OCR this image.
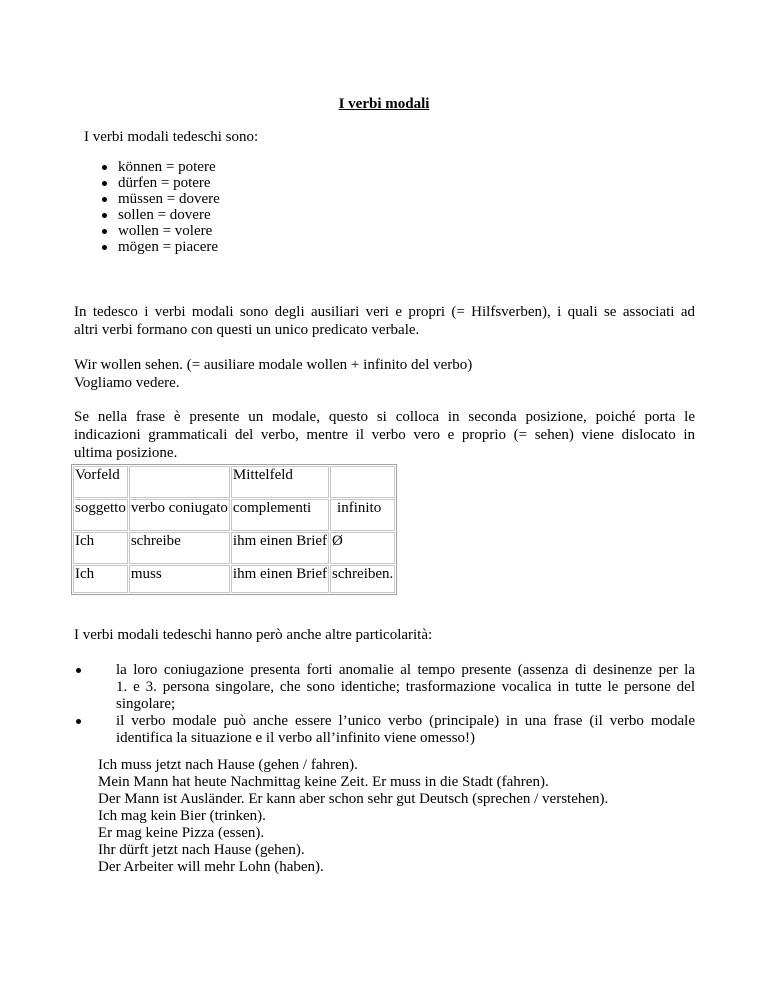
I verbi modali
I verbi modali tedeschi sono:
können = potere
dürfen = potere
müssen = dovere
sollen = dovere
wollen = volere
mögen = piacere
In tedesco i verbi modali sono degli ausiliari veri e propri (= Hilfsverben), i quali se associati ad
altri verbi formano con questi un unico predicato verbale.
Wir wollen sehen. (= ausiliare modale wollen + infinito del verbo)
Vogliamo vedere.
Se nella frase è presente un modale, questo si colloca in seconda posizione, poiché porta le
indicazioni grammaticali del verbo, mentre il verbo vero e proprio (= sehen) viene dislocato in
ultima posizione.
Vorfeld		Mittelfeld	
soggetto	verbo coniugato	complementi	infinito
Ich	schreibe	ihm einen Brief	Ø
Ich	muss	ihm einen Brief	schreiben.
I verbi modali tedeschi hanno però anche altre particolarità:
la loro coniugazione presenta forti anomalie al tempo presente (assenza di desinenze per la
1. e 3. persona singolare, che sono identiche; trasformazione vocalica in tutte le persone del
singolare;
il verbo modale può anche essere l’unico verbo (principale) in una frase (il verbo modale
identifica la situazione e il verbo all’infinito viene omesso!)
Ich muss jetzt nach Hause (gehen / fahren).
Mein Mann hat heute Nachmittag keine Zeit. Er muss in die Stadt (fahren).
Der Mann ist Ausländer. Er kann aber schon sehr gut Deutsch (sprechen / verstehen).
Ich mag kein Bier (trinken).
Er mag keine Pizza (essen).
Ihr dürft jetzt nach Hause (gehen).
Der Arbeiter will mehr Lohn (haben).
